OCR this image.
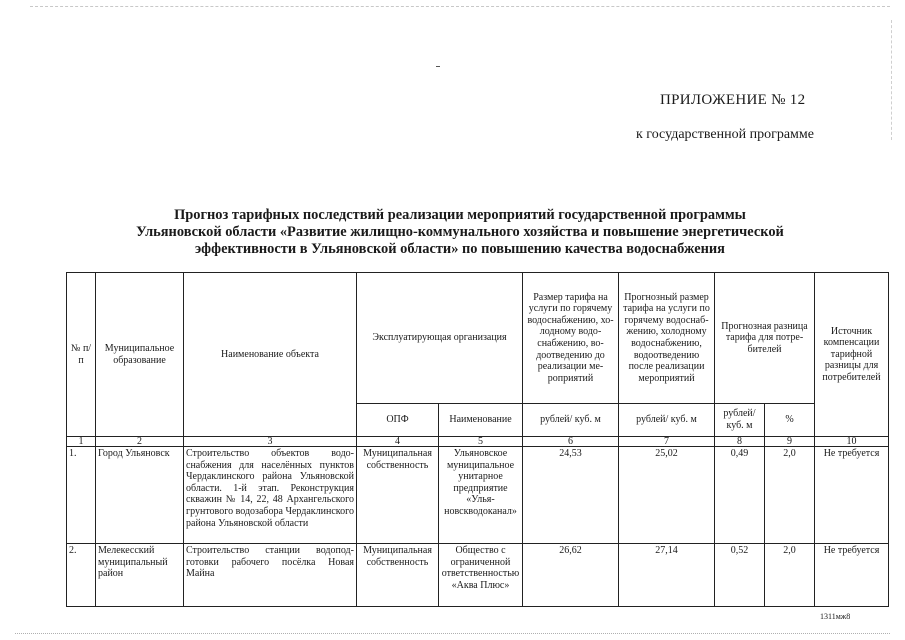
ПРИЛОЖЕНИЕ № 12
к государственной программе
Прогноз тарифных последствий реализации мероприятий государственной программы
Ульяновской области «Развитие жилищно-коммунального хозяйства и повышение энергетической
эффективности в Ульяновской области» по повышению качества водоснабжения
№ п/п	Муниципальное образование	Наименование объекта	Эксплуатирующая организация		Размер тарифа на услуги по горячему водоснабжению, холодному водоснабжению, водоотведению до реализации мероприятий	Прогнозный размер тарифа на услуги по горячему водоснабжению, холодному водоснабжению, водоотведению после реализации мероприятий	Прогнозная разница тарифа для потребителей		Источник компенсации тарифной разницы для потребителей
			ОПФ	Наименование	рублей/ куб. м	рублей/ куб. м	рублей/ куб. м	%	
1	2	3	4	5	6	7	8	9	10
1.	Город Ульяновск	Строительство объектов водоснабжения для населённых пунктов Чердаклинского района Ульяновской области. 1-й этап. Реконструкция скважин № 14, 22, 48 Архангельского грунтового водозабора Чердаклинского района Ульяновской области	Муниципальная собственность	Ульяновское муниципальное унитарное предприятие «Ульяновскводоканал»	24,53	25,02	0,49	2,0	Не требуется
2.	Мелекесский муниципальный район	Строительство станции водоподготовки рабочего посёлка Новая Майна	Муниципальная собственность	Общество с ограниченной ответственностью «Аква Плюс»	26,62	27,14	0,52	2,0	Не требуется
1311мж8
